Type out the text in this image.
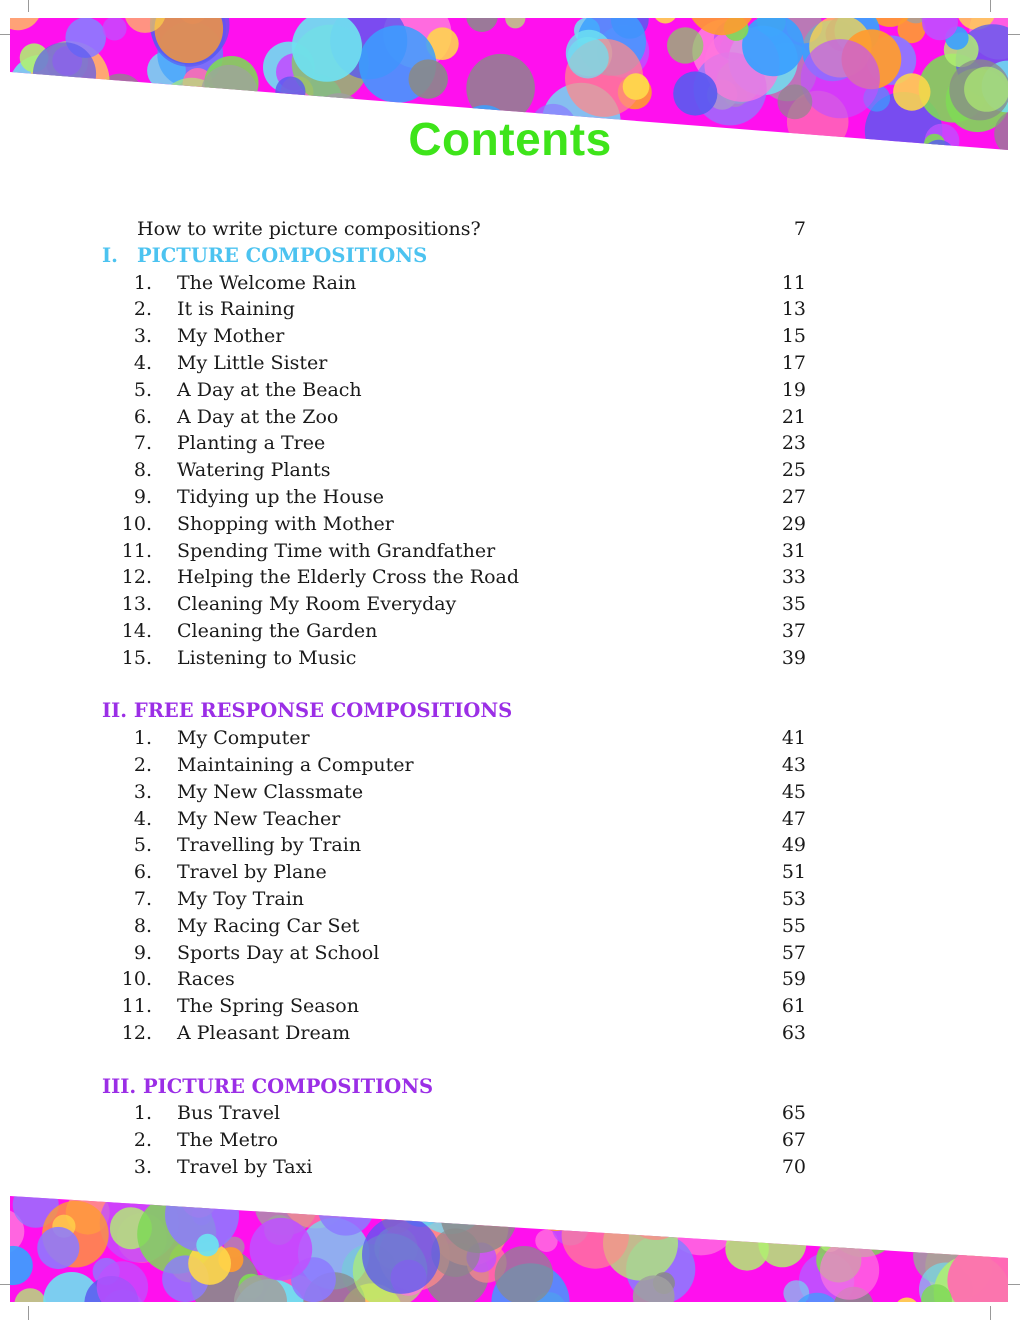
Contents
How to write picture compositions?	7
I. PICTURE COMPOSITIONS
1. The Welcome Rain	11
2. It is Raining	13
3. My Mother	15
4. My Little Sister	17
5. A Day at the Beach	19
6. A Day at the Zoo	21
7. Planting a Tree	23
8. Watering Plants	25
9. Tidying up the House	27
10. Shopping with Mother	29
11. Spending Time with Grandfather	31
12. Helping the Elderly Cross the Road	33
13. Cleaning My Room Everyday	35
14. Cleaning the Garden	37
15. Listening to Music	39
II. FREE RESPONSE COMPOSITIONS
1. My Computer	41
2. Maintaining a Computer	43
3. My New Classmate	45
4. My New Teacher	47
5. Travelling by Train	49
6. Travel by Plane	51
7. My Toy Train	53
8. My Racing Car Set	55
9. Sports Day at School	57
10. Races	59
11. The Spring Season	61
12. A Pleasant Dream	63
III. PICTURE COMPOSITIONS
1. Bus Travel	65
2. The Metro	67
3. Travel by Taxi	70
